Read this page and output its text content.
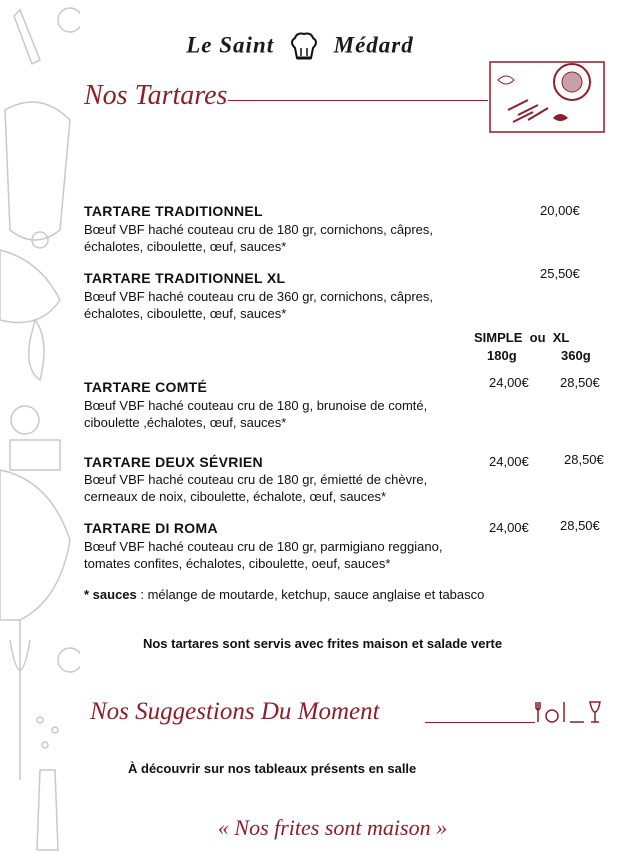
Le Saint	Médard
Nos Tartares
TARTARE TRADITIONNEL	20,00€
Bœuf VBF haché couteau cru de 180 gr, cornichons, câpres, échalotes, ciboulette, œuf, sauces*
TARTARE TRADITIONNEL XL	25,50€
Bœuf VBF haché couteau cru de 360 gr, cornichons, câpres, échalotes, ciboulette, œuf, sauces*
SIMPLE ou XL
180g	360g
TARTARE COMTÉ	24,00€ 28,50€
Bœuf VBF haché couteau cru de 180 g, brunoise de comté, ciboulette ,échalotes, œuf, sauces*
TARTARE DEUX SÉVRIEN	24,00€	28,50€
Bœuf VBF haché couteau cru de 180 gr, émietté de chèvre, cerneaux de noix, ciboulette, échalote, œuf, sauces*
TARTARE DI ROMA	24,00€ 28,50€
Bœuf VBF haché couteau cru de 180 gr, parmigiano reggiano, tomates confites, échalotes, ciboulette, oeuf, sauces*
* sauces : mélange de moutarde, ketchup, sauce anglaise et tabasco
Nos tartares sont servis avec frites maison et salade verte
Nos Suggestions Du Moment
À découvrir sur nos tableaux présents en salle
« Nos frites sont maison »
